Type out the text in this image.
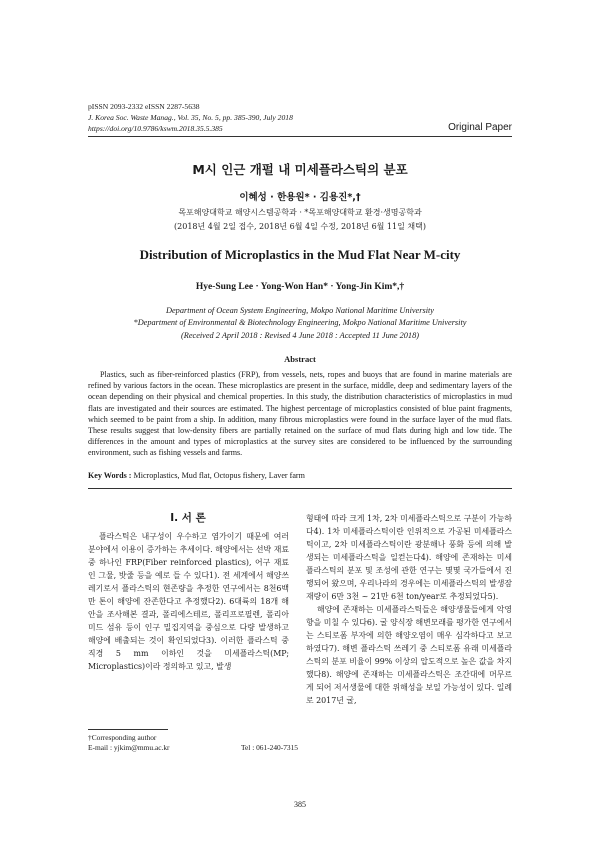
pISSN 2093-2332 eISSN 2287-5638
J. Korea Soc. Waste Manag., Vol. 35, No. 5, pp. 385-390, July 2018
https://doi.org/10.9786/kswm.2018.35.5.385	Original Paper
M시 인근 개펄 내 미세플라스틱의 분포
이혜성 · 한용원* · 김용진*,†
목포해양대학교 해양시스템공학과 · *목포해양대학교 환경·생명공학과
(2018년 4월 2일 접수, 2018년 6월 4일 수정, 2018년 6월 11일 채택)
Distribution of Microplastics in the Mud Flat Near M-city
Hye-Sung Lee · Yong-Won Han* · Yong-Jin Kim*,†
Department of Ocean System Engineering, Mokpo National Maritime University
*Department of Environmental & Biotechnology Engineering, Mokpo National Maritime University
(Received 2 April 2018 : Revised 4 June 2018 : Accepted 11 June 2018)
Abstract

Plastics, such as fiber-reinforced plastics (FRP), from vessels, nets, ropes and buoys that are found in marine materials are refined by various factors in the ocean. These microplastics are present in the surface, middle, deep and sedimentary layers of the ocean depending on their physical and chemical properties. In this study, the distribution characteristics of microplastics in mud flats are investigated and their sources are estimated. The highest percentage of microplastics consisted of blue paint fragments, which seemed to be paint from a ship. In addition, many fibrous microplastics were found in the surface layer of the mud flats. These results suggest that low-density fibers are partially retained on the surface of mud flats during high and low tide. The differences in the amount and types of microplastics at the survey sites are considered to be influenced by the surrounding environment, such as fishing vessels and farms.

Key Words : Microplastics, Mud flat, Octopus fishery, Laver farm
I. 서 론

플라스틱은 내구성이 우수하고 염가이기 때문에 여러 분야에서 이용이 증가하는 추세이다. 해양에서는 선박 재료 중 하나인 FRP(Fiber reinforced plastics), 어구 재료인 그물, 밧줄 등을 예로 들 수 있다1). 전 세계에서 해양쓰레기로서 플라스틱의 현존량을 추정한 연구에서는 8천6백만 톤이 해양에 잔존한다고 추정했다2). 6대륙의 18개 해안을 조사해본 결과, 폴리에스테르, 폴리프로필렌, 폴리아미드 섬유 등이 인구 밀집지역을 중심으로 다량 발생하고 해양에 배출되는 것이 확인되었다3). 이러한 플라스틱 중 직경 5 mm 이하인 것을 미세플라스틱(MP; Microplastics)이라 정의하고 있고, 발생

형태에 따라 크게 1차, 2차 미세플라스틱으로 구분이 가능하다4). 1차 미세플라스틱이란 인위적으로 가공된 미세플라스틱이고, 2차 미세플라스틱이란 광분해나 풍화 등에 의해 발생되는 미세플라스틱을 일컫는다4). 해양에 존재하는 미세플라스틱의 분포 및 조성에 관한 연구는 몇몇 국가들에서 진행되어 왔으며, 우리나라의 경우에는 미세플라스틱의 발생잠재량이 6만 3천 ~ 21만 6천 ton/year로 추정되었다5).

해양에 존재하는 미세플라스틱들은 해양생물들에게 악영향을 미칠 수 있다6). 굴 양식장 해변모래를 평가한 연구에서는 스티로폼 부자에 의한 해양오염이 매우 심각하다고 보고하였다7). 해변 플라스틱 쓰레기 중 스티로폼 유래 미세플라스틱의 분포 비율이 99% 이상의 압도적으로 높은 값을 차지했다8). 해양에 존재하는 미세플라스틱은 조간대에 머무르게 되어 저서생물에 대한 위해성을 보일 가능성이 있다. 일례로 2017년 굴,

†Corresponding author
E-mail : yjkim@mmu.ac.kr	Tel : 061-240-7315
385
